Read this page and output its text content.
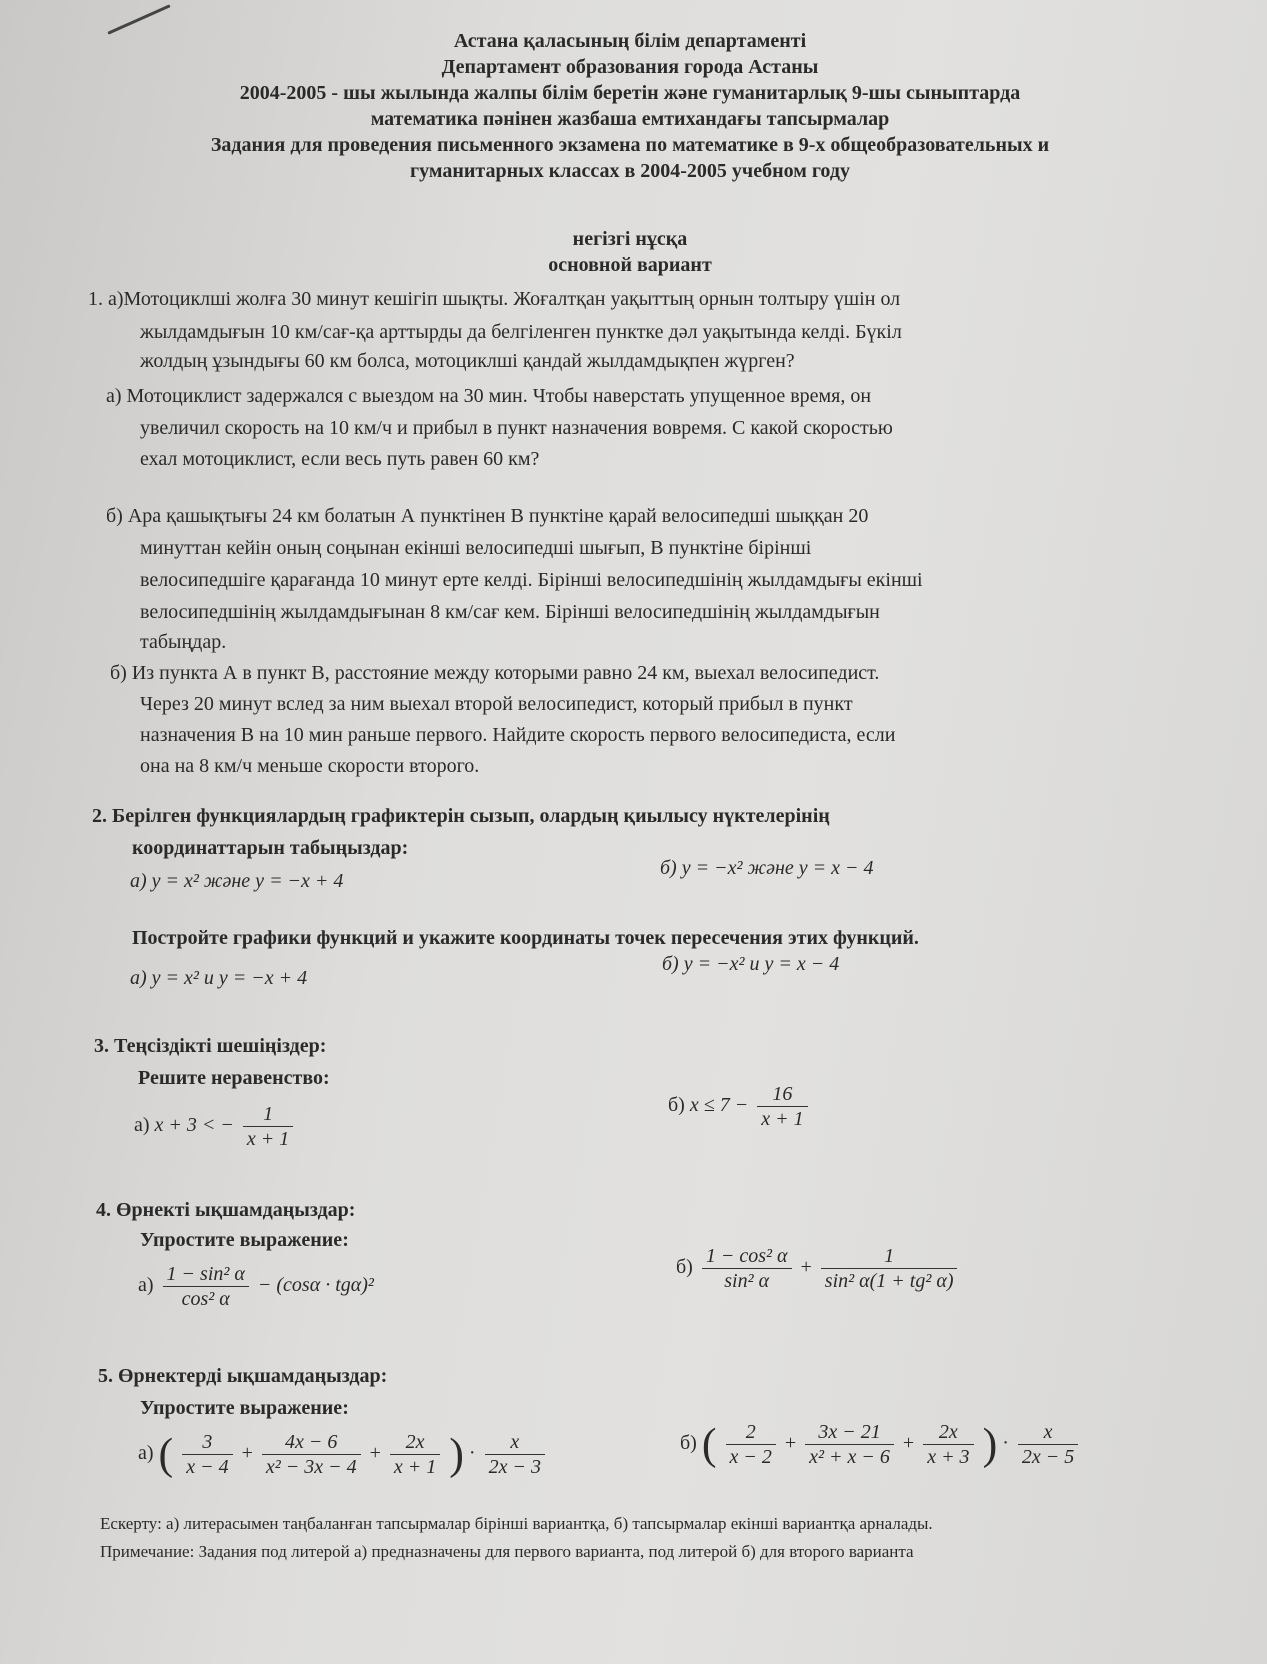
Астана қаласының білім департаменті
Департамент образования города Астаны
2004-2005 - шы жылында жалпы білім беретін және гуманитарлық 9-шы сыныптарда
математика пәнінен жазбаша емтихандағы тапсырмалар
Задания для проведения письменного экзамена по математике в 9-х общеобразовательных и
гуманитарных классах в 2004-2005 учебном году
негізгі нұсқа
основной вариант
1. а)Мотоциклші жолға 30 минут кешігіп шықты. Жоғалтқан уақыттың орнын толтыру үшін ол
жылдамдығын 10 км/сағ-қа арттырды да белгіленген пунктке дәл уақытында келді. Бүкіл
жолдың ұзындығы 60 км болса, мотоциклші қандай жылдамдықпен жүрген?
а) Мотоциклист задержался с выездом на 30 мин. Чтобы наверстать упущенное время, он
увеличил скорость на 10 км/ч и прибыл в пункт назначения вовремя. С какой скоростью
ехал мотоциклист, если весь путь равен 60 км?
б) Ара қашықтығы 24 км болатын А пунктінен В пунктіне қарай велосипедші шыққан 20
минуттан кейін оның соңынан екінші велосипедші шығып, В пунктіне бірінші
велосипедшіге қарағанда 10 минут ерте келді. Бірінші велосипедшінің жылдамдығы екінші
велосипедшінің жылдамдығынан 8 км/сағ кем. Бірінші велосипедшінің жылдамдығын
табыңдар.
б) Из пункта А в пункт В, расстояние между которыми равно 24 км, выехал велосипедист.
Через 20 минут вслед за ним выехал второй велосипедист, который прибыл в пункт
назначения В на 10 мин раньше первого. Найдите скорость первого велосипедиста, если
она на 8 км/ч меньше скорости второго.
2. Берілген функциялардың графиктерін сызып, олардың қиылысу нүктелерінің
координаттарын табыңыздар:
а) y = x² және y = −x + 4
б) y = −x² және y = x − 4
Постройте графики функций и укажите координаты точек пересечения этих функций.
а) y = x² и y = −x + 4
б) y = −x² и y = x − 4
3. Теңсіздікті шешіңіздер:
Решите неравенство:
а) x + 3 < − $\frac{1}{x + 1}$	б) $x \le 7 - \frac{16}{x + 1}$
4. Өрнекті ықшамдаңыздар:
Упростите выражение:
$а) \frac{\text{1 − sin² α}}{\text{cos² α}} - (\cos\alpha \cdot tg\alpha)^2$
$б) \frac{\text{1 − cos² α}}{\text{sin² α}} + \frac{1}{\text{sin² α(1 + tg² α)}}$
5. Өрнектерді ықшамдаңыздар:
Упростите выражение:
а) ( $\frac{3}{x - 4} + \frac{4x - 6}{\text{x² − 3x − 4}} + \frac{2x}{x + 1}$ ) · $\frac{x}{2x - 3}$	б) ( $\frac{2}{x - 2} + \frac{3x - 21}{\text{x² + x − 6}} + \frac{2x}{x + 3}$ ) · $\frac{x}{2x - 5}$
Ескерту: а) литерасымен таңбаланған тапсырмалар бірінші вариантқа, б) тапсырмалар екінші вариантқа арналады.
Примечание: Задания под литерой а) предназначены для первого варианта, под литерой б) для второго варианта
